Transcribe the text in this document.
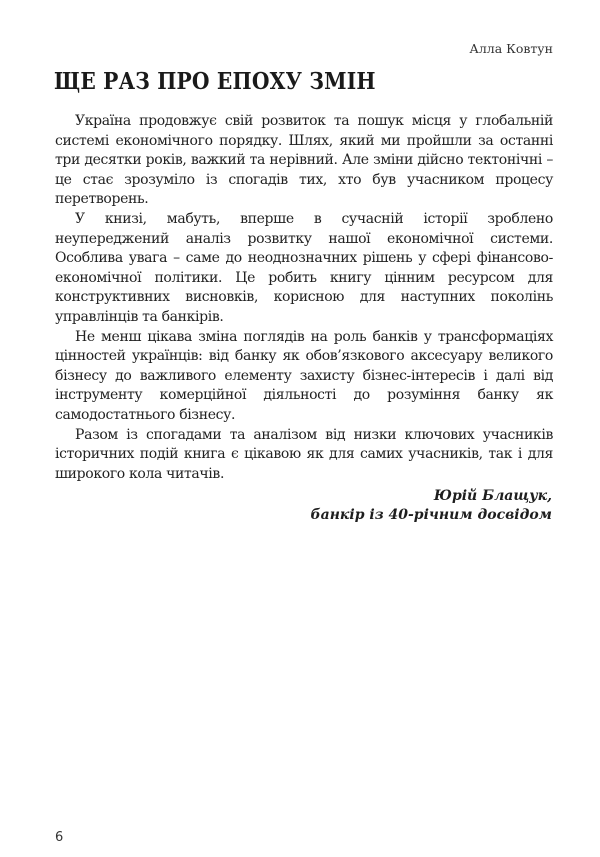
Алла Ковтун
ЩЕ РАЗ ПРО ЕПОХУ ЗМІН

Україна продовжує свій розвиток та пошук місця у глобальній системі економічного порядку. Шлях, який ми пройшли за останні три десятки років, важкий та нерівний. Але зміни дійсно тектонічні – це стає зрозуміло із спогадів тих, хто був учасником процесу перетворень.

У книзі, мабуть, вперше в сучасній історії зроблено неупереджений аналіз розвитку нашої економічної системи. Особлива увага – саме до неоднозначних рішень у сфері фінансово-економічної політики. Це робить книгу цінним ресурсом для конструктивних висновків, корисною для наступних поколінь управлінців та банкірів.

Не менш цікава зміна поглядів на роль банків у трансформаціях цінностей українців: від банку як обов’язкового аксесуару великого бізнесу до важливого елементу захисту бізнес-інтересів і далі від інструменту комерційної діяльності до розуміння банку як самодостатнього бізнесу.

Разом із спогадами та аналізом від низки ключових учасників історичних подій книга є цікавою як для самих учасників, так і для широкого кола читачів.

Юрій Блащук,
банкір із 40-річним досвідом
6
